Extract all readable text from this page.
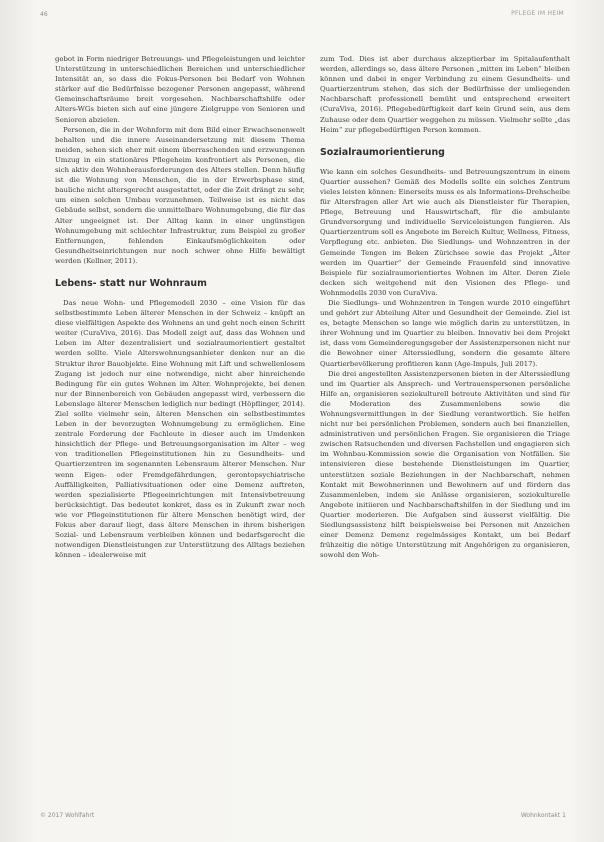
46	PFLEGE IM HEIM

gebot in Form niedriger Betreuungs- und Pflegeleistungen und leichter Unterstützung in unterschiedlichen Bereichen und unterschiedlicher Intensität an, so dass die Fokus-Personen bei Bedarf von Wohnen stärker auf die Bedürfnisse bezogener Personen angepasst, während Gemeinschaftsräume breit vorgesehen. Nachbarschaftshilfe oder Alters-WGs bieten sich auf eine jüngere Zielgruppe von Senioren und Senioren abzielen.

Personen, die in der Wohnform mit dem Bild einer Erwachsenenwelt behalten und die innere Auseinandersetzung mit diesem Thema meiden, sehen sich eher mit einem überraschenden und erzwungenen Umzug in ein stationäres Pflegeheim konfrontiert als Personen, die sich aktiv den Wohnherausforderungen des Alters stellen. Denn häufig ist die Wohnung von Menschen, die in der Erwerbsphase sind, bauliche nicht altersgerecht ausgestattet, oder die Zeit drängt zu sehr, um einen solchen Umbau vorzunehmen. Teilweise ist es nicht das Gebäude selbst, sondern die unmittelbare Wohnumgebung, die für das Alter ungeeignet ist. Der Alltag kann in einer ungünstigen Wohnumgebung mit schlechter Infrastruktur, zum Beispiel zu großer Entfernungen, fehlenden Einkaufsmöglichkeiten oder Gesundheitseinrichtungen nur noch schwer ohne Hilfe bewältigt werden (Kellner, 2011).

Lebens- statt nur Wohnraum

Das neue Wohn- und Pflegemodell 2030 – eine Vision für das selbstbestimmte Leben älterer Menschen in der Schweiz – knüpft an diese vielfältigen Aspekte des Wohnens an und geht noch einen Schritt weiter (CuraViva, 2016). Das Modell zeigt auf, dass das Wohnen und Leben im Alter dezentralisiert und sozialraumorientiert gestaltet werden sollte. Viele Alterswohnungsanbieter denken nur an die Struktur ihrer Bauobjekte. Eine Wohnung mit Lift und schwellenlosem Zugang ist jedoch nur eine notwendige, nicht aber hinreichende Bedingung für ein gutes Wohnen im Alter. Wohnprojekte, bei denen nur der Binnenbereich von Gebäuden angepasst wird, verbessern die Lebenslage älterer Menschen lediglich nur bedingt (Höpflinger, 2014). Ziel sollte vielmehr sein, älteren Menschen ein selbstbestimmtes Leben in der bevorzugten Wohnumgebung zu ermöglichen. Eine zentrale Forderung der Fachleute in dieser auch im Umdenken hinsichtlich der Pflege- und Betreuungsorganisation im Alter – weg von traditionellen Pflegeinstitutionen hin zu Gesundheits- und Quartierzentren im sogenannten Lebensraum älterer Menschen. Nur wenn Eigen- oder Fremdgefährdungen, gerontopsychiatrische Auffälligkeiten, Palliativsituationen oder eine Demenz auftreten, werden spezialisierte Pflegeeinrichtungen mit Intensivbetreuung berücksichtigt. Das bedeutet konkret, dass es in Zukunft zwar noch wie vor Pflegeinstitutionen für ältere Menschen benötigt wird, der Fokus aber darauf liegt, dass ältere Menschen in ihrem bisherigen Sozial- und Lebensraum verbleiben können und bedarfsgerecht die notwendigen Dienstleistungen zur Unterstützung des Alltags beziehen können – idealerweise mit

zum Tod. Dies ist aber durchaus akzeptierbar im Spitalaufenthalt werden, allerdings so, dass ältere Personen „mitten im Leben“ bleiben können und dabei in enger Verbindung zu einem Gesundheits- und Quartierzentrum stehen, das sich der Bedürfnisse der umliegenden Nachbarschaft professionell bemüht und entsprechend erweitert (CuraViva, 2016). Pflegebedürftigkeit darf kein Grund sein, aus dem Zuhause oder dem Quartier weggehen zu müssen. Vielmehr sollte „das Heim“ zur pflegebedürftigen Person kommen.

Sozialraumorientierung

Wie kann ein solches Gesundheits- und Betreuungszentrum in einem Quartier aussehen? Gemäß des Modells sollte ein solches Zentrum vieles leisten können: Einerseits muss es als Informations-Drehscheibe für Altersfragen aller Art wie auch als Dienstleister für Therapien, Pflege, Betreuung und Hauswirtschaft, für die ambulante Grundversorgung und individuelle Serviceleistungen fungieren. Als Quartierzentrum soll es Angebote im Bereich Kultur, Wellness, Fitness, Verpflegung etc. anbieten. Die Siedlungs- und Wohnzentren in der Gemeinde Tengen im Beken Zürichsee sowie das Projekt „Älter werden im Quartier“ der Gemeinde Frauenfeld sind innovative Beispiele für sozialraumorientiertes Wohnen im Alter. Deren Ziele decken sich weitgehend mit den Visionen des Pflege- und Wohnmodells 2030 von CuraViva.

Die Siedlungs- und Wohnzentren in Tengen wurde 2010 eingeführt und gehört zur Abteilung Alter und Gesundheit der Gemeinde. Ziel ist es, betagte Menschen so lange wie möglich darin zu unterstützen, in ihrer Wohnung und im Quartier zu bleiben. Innovativ bei dem Projekt ist, dass vom Gemeinderegungsgeber der Assistenzpersonen nicht nur die Bewohner einer Alterssiedlung, sondern die gesamte ältere Quartierbevölkerung profitieren kann (Age-Impuls, Juli 2017).

Die drei angestellten Assistenzpersonen bieten in der Alterssiedlung und im Quartier als Ansprech- und Vertrauenspersonen persönliche Hilfe an, organisieren soziokulturell betreute Aktivitäten und sind für die Moderation des Zusammenlebens sowie die Wohnungsvermittlungen in der Siedlung verantwortlich. Sie helfen nicht nur bei persönlichen Problemen, sondern auch bei finanziellen, administrativen und persönlichen Fragen. Sie organisieren die Triage zwischen Ratsuchenden und diversen Fachstellen und engagieren sich im Wohnbau-Kommission sowie die Organisation von Notfällen. Sie intensivieren diese bestehende Dienstleistungen im Quartier, unterstützen soziale Beziehungen in der Nachbarschaft, nehmen Kontakt mit Bewohnerinnen und Bewohnern auf und fördern das Zusammenleben, indem sie Anlässe organisieren, soziokulturelle Angebote initiieren und Nachbarschaftshilfen in der Siedlung und im Quartier moderieren. Die Aufgaben sind äusserst vielfältig. Die Siedlungsassistenz hilft beispielsweise bei Personen mit Anzeichen einer Demenz Demenz regelmässiges Kontakt, um bei Bedarf frühzeitig die nötige Unterstützung mit Angehörigen zu organisieren, sowohl den Woh-

© 2017 Wohlfahrt	Wohnkontakt 1
